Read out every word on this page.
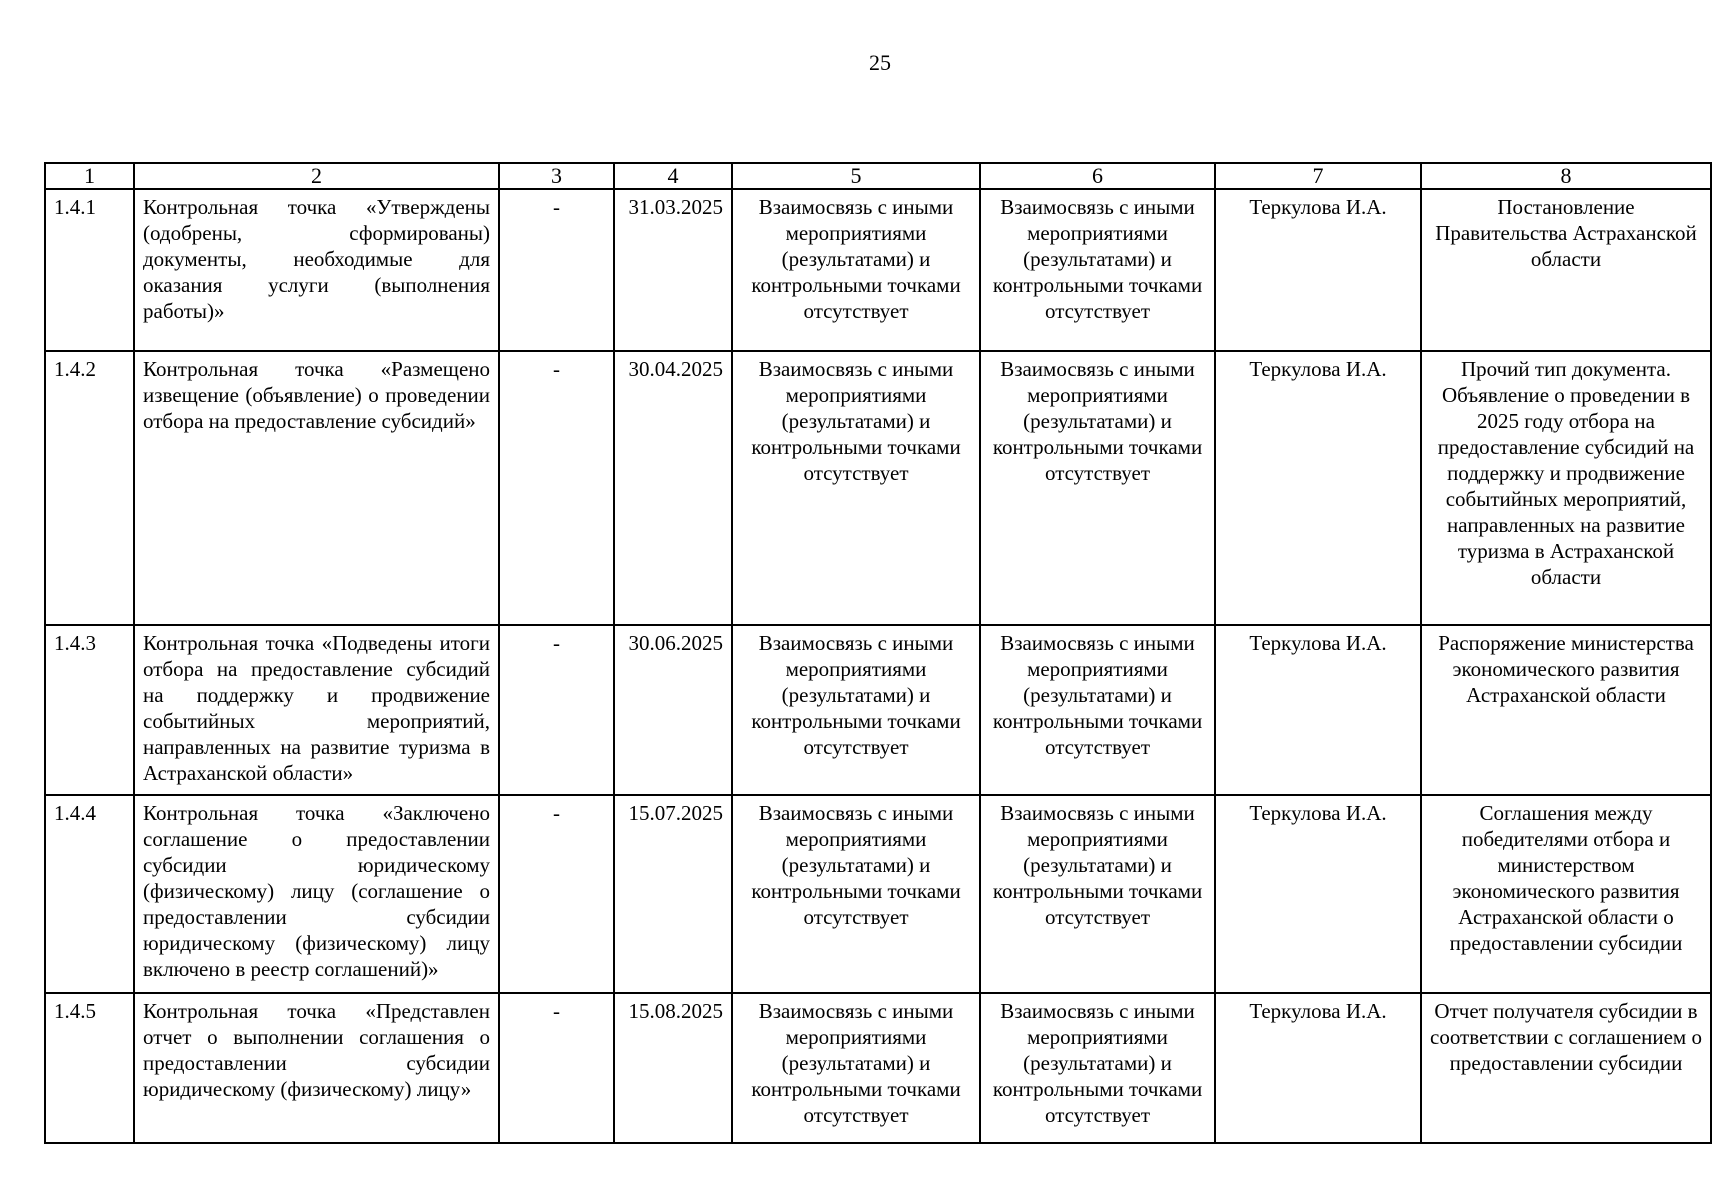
25
1	2	3	4	5	6	7	8
1.4.1	Контрольная точка «Утверждены (одобрены, сформированы) документы, необходимые для оказания услуги (выполнения работы)»	-	31.03.2025	Взаимосвязь с иными мероприятиями (результатами) и контрольными точками отсутствует	Взаимосвязь с иными мероприятиями (результатами) и контрольными точками отсутствует	Теркулова И.А.	Постановление Правительства Астраханской области
1.4.2	Контрольная точка «Размещено извещение (объявление) о проведении отбора на предоставление субсидий»	-	30.04.2025	Взаимосвязь с иными мероприятиями (результатами) и контрольными точками отсутствует	Взаимосвязь с иными мероприятиями (результатами) и контрольными точками отсутствует	Теркулова И.А.	Прочий тип документа. Объявление о проведении в 2025 году отбора на предоставление субсидий на поддержку и продвижение событийных мероприятий, направленных на развитие туризма в Астраханской области
1.4.3	Контрольная точка «Подведены итоги отбора на предоставление субсидий на поддержку и продвижение событийных мероприятий, направленных на развитие туризма в Астраханской области»	-	30.06.2025	Взаимосвязь с иными мероприятиями (результатами) и контрольными точками отсутствует	Взаимосвязь с иными мероприятиями (результатами) и контрольными точками отсутствует	Теркулова И.А.	Распоряжение министерства экономического развития Астраханской области
1.4.4	Контрольная точка «Заключено соглашение о предоставлении субсидии юридическому (физическому) лицу (соглашение о предоставлении субсидии юридическому (физическому) лицу включено в реестр соглашений)»	-	15.07.2025	Взаимосвязь с иными мероприятиями (результатами) и контрольными точками отсутствует	Взаимосвязь с иными мероприятиями (результатами) и контрольными точками отсутствует	Теркулова И.А.	Соглашения между победителями отбора и министерством экономического развития Астраханской области о предоставлении субсидии
1.4.5	Контрольная точка «Представлен отчет о выполнении соглашения о предоставлении субсидии юридическому (физическому) лицу»	-	15.08.2025	Взаимосвязь с иными мероприятиями (результатами) и контрольными точками отсутствует	Взаимосвязь с иными мероприятиями (результатами) и контрольными точками отсутствует	Теркулова И.А.	Отчет получателя субсидии в соответствии с соглашением о предоставлении субсидии
